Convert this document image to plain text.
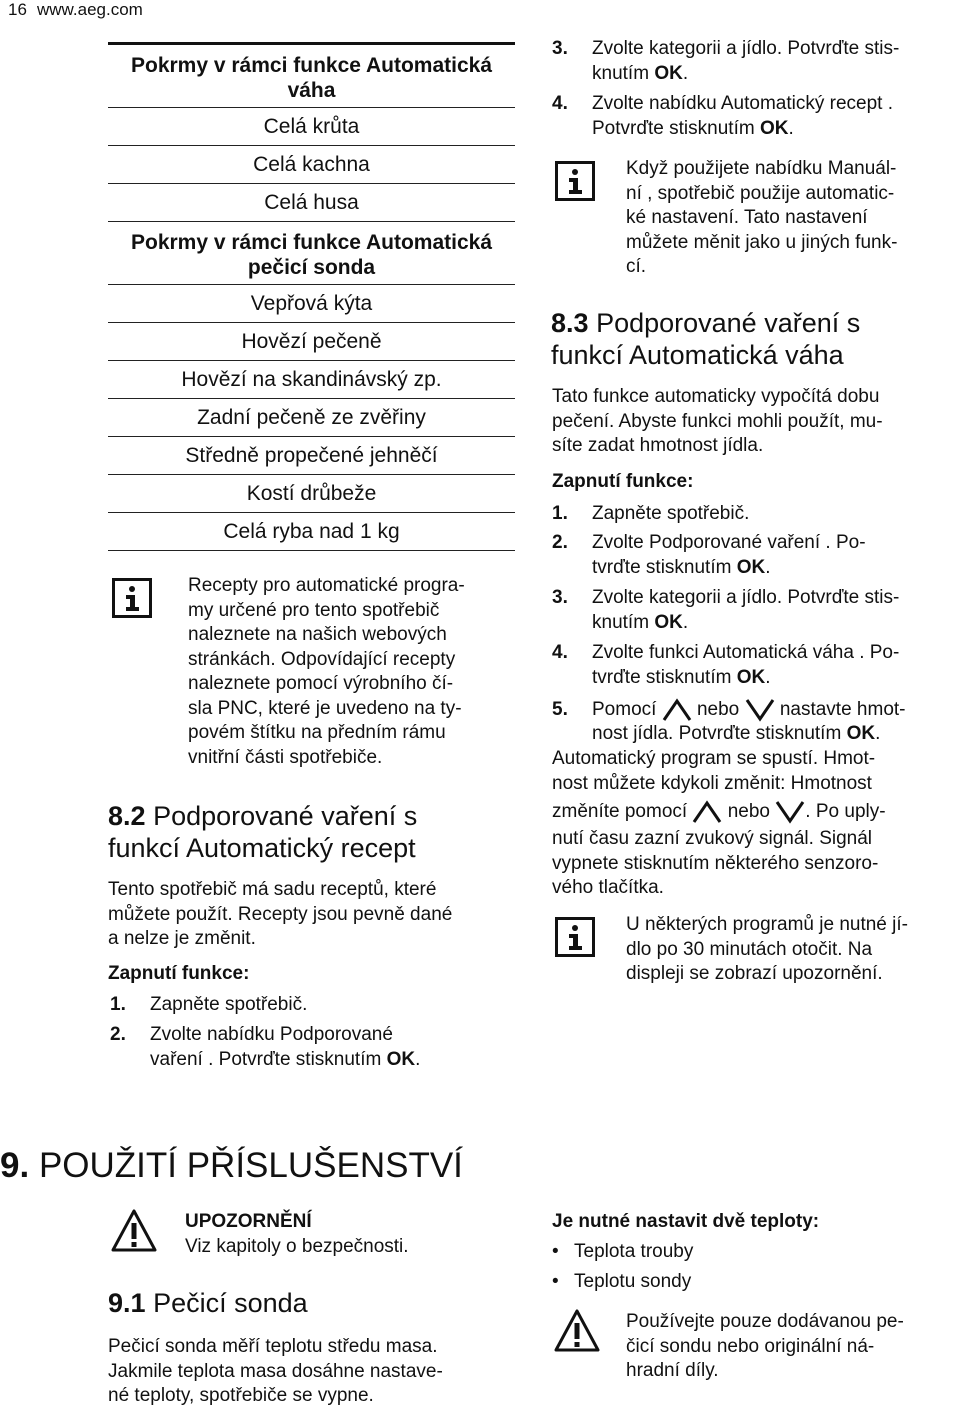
16 www.aeg.com
Pokrmy v rámci funkce Automatická váha
Celá krůta
Celá kachna
Celá husa
Pokrmy v rámci funkce Automatická pečicí sonda
Vepřová kýta
Hovězí pečeně
Hovězí na skandinávský zp.
Zadní pečeně ze zvěřiny
Středně propečené jehněčí
Kostí drůbeže
Celá ryba nad 1 kg
Recepty pro automatické progra-
my určené pro tento spotřebič
naleznete na našich webových
stránkách. Odpovídající recepty
naleznete pomocí výrobního čí-
sla PNC, které je uvedeno na ty-
povém štítku na předním rámu
vnitřní části spotřebiče.
8.2 Podporované vaření s
funkcí Automatický recept
Tento spotřebič má sadu receptů, které
můžete použít. Recepty jsou pevně dané
a nelze je změnit.
Zapnutí funkce:
1. Zapněte spotřebič.
2. Zvolte nabídku Podporované
vaření . Potvrďte stisknutím OK.
3. Zvolte kategorii a jídlo. Potvrďte stis-
knutím OK.
4. Zvolte nabídku Automatický recept .
Potvrďte stisknutím OK.
Když použijete nabídku Manuál-
ní , spotřebič použije automatic-
ké nastavení. Tato nastavení
můžete měnit jako u jiných funk-
cí.
8.3 Podporované vaření s
funkcí Automatická váha
Tato funkce automaticky vypočítá dobu
pečení. Abyste funkci mohli použít, mu-
síte zadat hmotnost jídla.
Zapnutí funkce:
1. Zapněte spotřebič.
2. Zvolte Podporované vaření . Po-
tvrďte stisknutím OK.
3. Zvolte kategorii a jídlo. Potvrďte stis-
knutím OK.
4. Zvolte funkci Automatická váha . Po-
tvrďte stisknutím OK.
5. Pomocí nebo nastavte hmot-
nost jídla. Potvrďte stisknutím OK.
Automatický program se spustí. Hmot-
nost můžete kdykoli změnit: Hmotnost
změníte pomocí nebo . Po uply-
nutí času zazní zvukový signál. Signál
vypnete stisknutím některého senzoro-
vého tlačítka.
U některých programů je nutné jí-
dlo po 30 minutách otočit. Na
displeji se zobrazí upozornění.
9. POUŽITÍ PŘÍSLUŠENSTVÍ
UPOZORNĚNÍ
Viz kapitoly o bezpečnosti.
9.1 Pečicí sonda
Pečicí sonda měří teplotu středu masa.
Jakmile teplota masa dosáhne nastave-
né teploty, spotřebiče se vypne.
Je nutné nastavit dvě teploty:
• Teplota trouby
• Teplotu sondy
Používejte pouze dodávanou pe-
čicí sondu nebo originální ná-
hradní díly.
